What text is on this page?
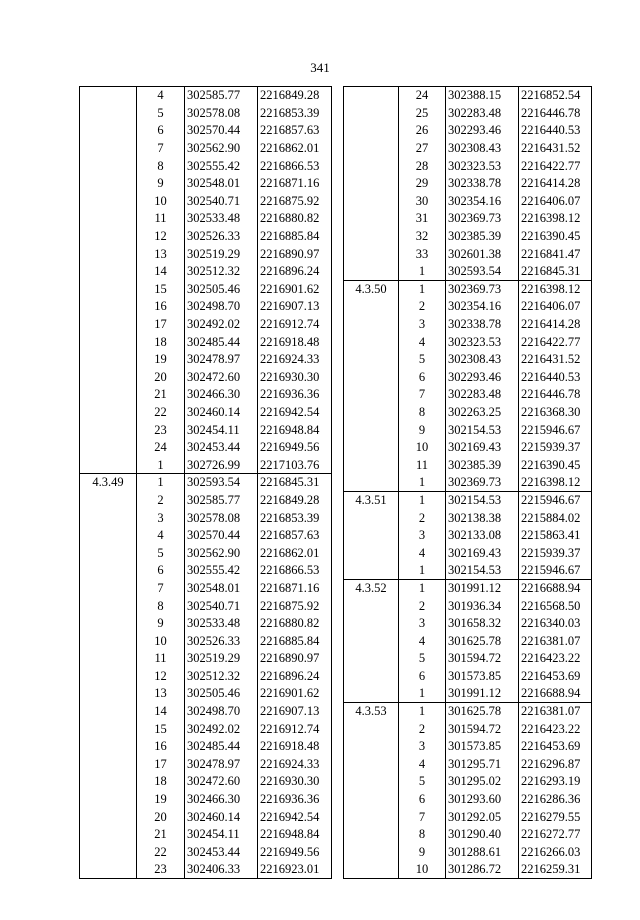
341
	4	302585.77	2216849.28
	5	302578.08	2216853.39
	6	302570.44	2216857.63
	7	302562.90	2216862.01
	8	302555.42	2216866.53
	9	302548.01	2216871.16
	10	302540.71	2216875.92
	11	302533.48	2216880.82
	12	302526.33	2216885.84
	13	302519.29	2216890.97
	14	302512.32	2216896.24
	15	302505.46	2216901.62
	16	302498.70	2216907.13
	17	302492.02	2216912.74
	18	302485.44	2216918.48
	19	302478.97	2216924.33
	20	302472.60	2216930.30
	21	302466.30	2216936.36
	22	302460.14	2216942.54
	23	302454.11	2216948.84
	24	302453.44	2216949.56
	1	302726.99	2217103.76
4.3.49	1	302593.54	2216845.31
	2	302585.77	2216849.28
	3	302578.08	2216853.39
	4	302570.44	2216857.63
	5	302562.90	2216862.01
	6	302555.42	2216866.53
	7	302548.01	2216871.16
	8	302540.71	2216875.92
	9	302533.48	2216880.82
	10	302526.33	2216885.84
	11	302519.29	2216890.97
	12	302512.32	2216896.24
	13	302505.46	2216901.62
	14	302498.70	2216907.13
	15	302492.02	2216912.74
	16	302485.44	2216918.48
	17	302478.97	2216924.33
	18	302472.60	2216930.30
	19	302466.30	2216936.36
	20	302460.14	2216942.54
	21	302454.11	2216948.84
	22	302453.44	2216949.56
	23	302406.33	2216923.01
	24	302388.15	2216852.54
	25	302283.48	2216446.78
	26	302293.46	2216440.53
	27	302308.43	2216431.52
	28	302323.53	2216422.77
	29	302338.78	2216414.28
	30	302354.16	2216406.07
	31	302369.73	2216398.12
	32	302385.39	2216390.45
	33	302601.38	2216841.47
	1	302593.54	2216845.31
4.3.50	1	302369.73	2216398.12
	2	302354.16	2216406.07
	3	302338.78	2216414.28
	4	302323.53	2216422.77
	5	302308.43	2216431.52
	6	302293.46	2216440.53
	7	302283.48	2216446.78
	8	302263.25	2216368.30
	9	302154.53	2215946.67
	10	302169.43	2215939.37
	11	302385.39	2216390.45
	1	302369.73	2216398.12
4.3.51	1	302154.53	2215946.67
	2	302138.38	2215884.02
	3	302133.08	2215863.41
	4	302169.43	2215939.37
	1	302154.53	2215946.67
4.3.52	1	301991.12	2216688.94
	2	301936.34	2216568.50
	3	301658.32	2216340.03
	4	301625.78	2216381.07
	5	301594.72	2216423.22
	6	301573.85	2216453.69
	1	301991.12	2216688.94
4.3.53	1	301625.78	2216381.07
	2	301594.72	2216423.22
	3	301573.85	2216453.69
	4	301295.71	2216296.87
	5	301295.02	2216293.19
	6	301293.60	2216286.36
	7	301292.05	2216279.55
	8	301290.40	2216272.77
	9	301288.61	2216266.03
	10	301286.72	2216259.31
